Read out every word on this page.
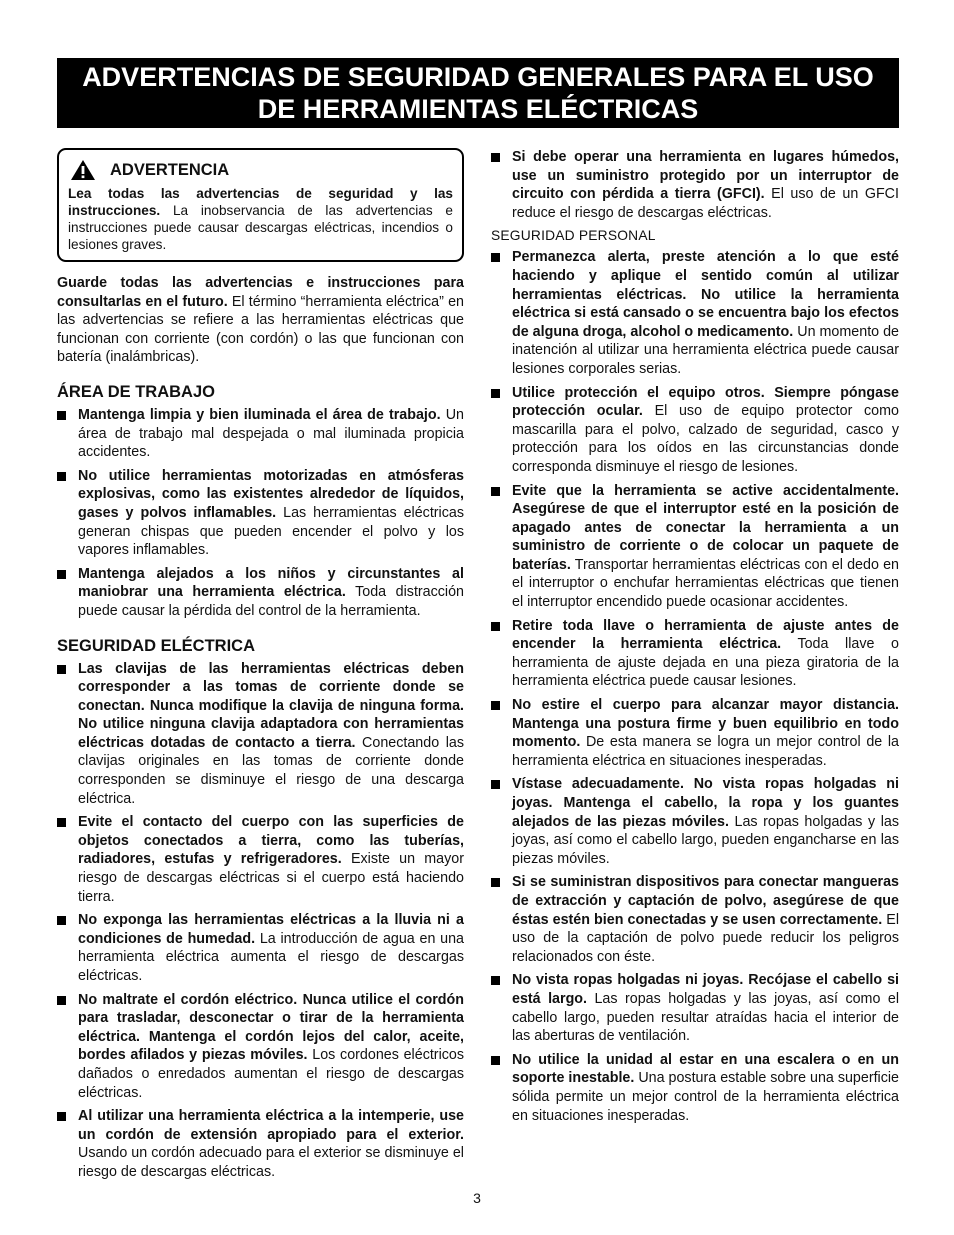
ADVERTENCIAS DE SEGURIDAD GENERALES PARA EL USO
DE HERRAMIENTAS ELÉCTRICAS
ADVERTENCIA

Lea todas las advertencias de seguridad y las instrucciones. La inobservancia de las advertencias e instrucciones puede causar descargas eléctricas, incendios o lesiones graves.

Guarde todas las advertencias e instrucciones para consultarlas en el futuro. El término “herramienta eléctrica” en las advertencias se refiere a las herramientas eléctricas que funcionan con corriente (con cordón) o las que funcionan con batería (inalámbricas).

ÁREA DE TRABAJO

Mantenga limpia y bien iluminada el área de trabajo. Un área de trabajo mal despejada o mal iluminada propicia accidentes.

No utilice herramientas motorizadas en atmósferas explosivas, como las existentes alrededor de líquidos, gases y polvos inflamables. Las herramientas eléctricas generan chispas que pueden encender el polvo y los vapores inflamables.

Mantenga alejados a los niños y circunstantes al maniobrar una herramienta eléctrica. Toda distracción puede causar la pérdida del control de la herramienta.

SEGURIDAD ELÉCTRICA

Las clavijas de las herramientas eléctricas deben corresponder a las tomas de corriente donde se conectan. Nunca modifique la clavija de ninguna forma. No utilice ninguna clavija adaptadora con herramientas eléctricas dotadas de contacto a tierra. Conectando las clavijas originales en las tomas de corriente donde corresponden se disminuye el riesgo de una descarga eléctrica.

Evite el contacto del cuerpo con las superficies de objetos conectados a tierra, como las tuberías, radiadores, estufas y refrigeradores. Existe un mayor riesgo de descargas eléctricas si el cuerpo está haciendo tierra.

No exponga las herramientas eléctricas a la lluvia ni a condiciones de humedad. La introducción de agua en una herramienta eléctrica aumenta el riesgo de descargas eléctricas.

No maltrate el cordón eléctrico. Nunca utilice el cordón para trasladar, desconectar o tirar de la herramienta eléctrica. Mantenga el cordón lejos del calor, aceite, bordes afilados y piezas móviles. Los cordones eléctricos dañados o enredados aumentan el riesgo de descargas eléctricas.

Al utilizar una herramienta eléctrica a la intemperie, use un cordón de extensión apropiado para el exterior. Usando un cordón adecuado para el exterior se disminuye el riesgo de descargas eléctricas.

Si debe operar una herramienta en lugares húmedos, use un suministro protegido por un interruptor de circuito con pérdida a tierra (GFCI). El uso de un GFCI reduce el riesgo de descargas eléctricas.

SEGURIDAD PERSONAL

Permanezca alerta, preste atención a lo que esté haciendo y aplique el sentido común al utilizar herramientas eléctricas. No utilice la herramienta eléctrica si está cansado o se encuentra bajo los efectos de alguna droga, alcohol o medicamento. Un momento de inatención al utilizar una herramienta eléctrica puede causar lesiones corporales serias.

Utilice protección el equipo otros. Siempre póngase protección ocular. El uso de equipo protector como mascarilla para el polvo, calzado de seguridad, casco y protección para los oídos en las circunstancias donde corresponda disminuye el riesgo de lesiones.

Evite que la herramienta se active accidentalmente. Asegúrese de que el interruptor esté en la posición de apagado antes de conectar la herramienta a un suministro de corriente o de colocar un paquete de baterías. Transportar herramientas eléctricas con el dedo en el interruptor o enchufar herramientas eléctricas que tienen el interruptor encendido puede ocasionar accidentes.

Retire toda llave o herramienta de ajuste antes de encender la herramienta eléctrica. Toda llave o herramienta de ajuste dejada en una pieza giratoria de la herramienta eléctrica puede causar lesiones.

No estire el cuerpo para alcanzar mayor distancia. Mantenga una postura firme y buen equilibrio en todo momento. De esta manera se logra un mejor control de la herramienta eléctrica en situaciones inesperadas.

Vístase adecuadamente. No vista ropas holgadas ni joyas. Mantenga el cabello, la ropa y los guantes alejados de las piezas móviles. Las ropas holgadas y las joyas, así como el cabello largo, pueden engancharse en las piezas móviles.

Si se suministran dispositivos para conectar mangueras de extracción y captación de polvo, asegúrese de que éstas estén bien conectadas y se usen correctamente. El uso de la captación de polvo puede reducir los peligros relacionados con éste.

No vista ropas holgadas ni joyas. Recójase el cabello si está largo. Las ropas holgadas y las joyas, así como el cabello largo, pueden resultar atraídas hacia el interior de las aberturas de ventilación.

No utilice la unidad al estar en una escalera o en un soporte inestable. Una postura estable sobre una superficie sólida permite un mejor control de la herramienta eléctrica en situaciones inesperadas.

3
